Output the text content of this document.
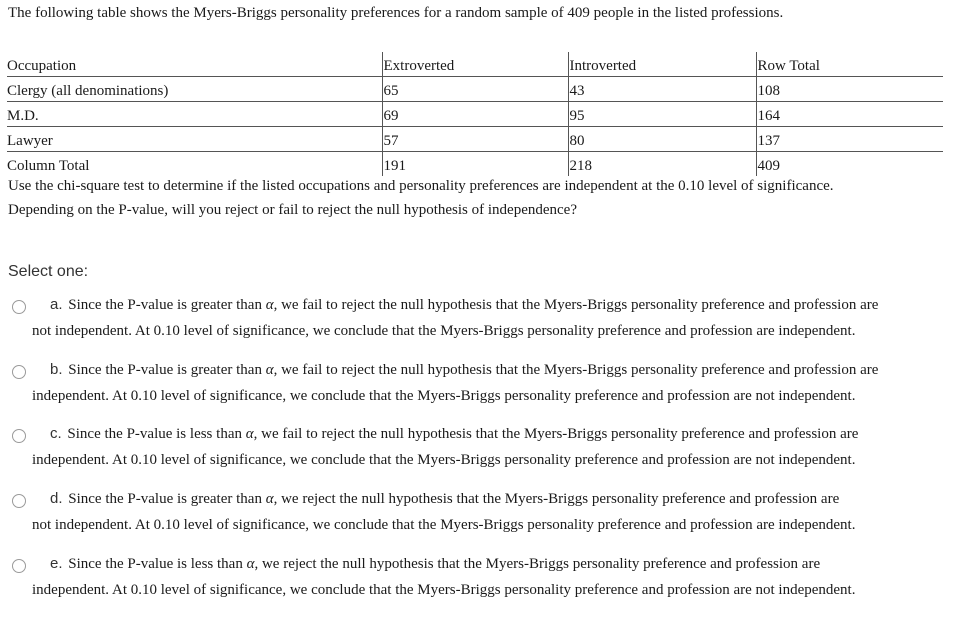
The following table shows the Myers-Briggs personality preferences for a random sample of 409 people in the listed professions.
Occupation	Extroverted	Introverted	Row Total
Clergy (all denominations)	65	43	108
M.D.	69	95	164
Lawyer	57	80	137
Column Total	191	218	409
Use the chi-square test to determine if the listed occupations and personality preferences are independent at the 0.10 level of significance.
Depending on the P-value, will you reject or fail to reject the null hypothesis of independence?
Select one:
a. Since the P-value is greater than α, we fail to reject the null hypothesis that the Myers-Briggs personality preference and profession are
not independent. At 0.10 level of significance, we conclude that the Myers-Briggs personality preference and profession are independent.
b. Since the P-value is greater than α, we fail to reject the null hypothesis that the Myers-Briggs personality preference and profession are
independent. At 0.10 level of significance, we conclude that the Myers-Briggs personality preference and profession are not independent.
c. Since the P-value is less than α, we fail to reject the null hypothesis that the Myers-Briggs personality preference and profession are
independent. At 0.10 level of significance, we conclude that the Myers-Briggs personality preference and profession are not independent.
d. Since the P-value is greater than α, we reject the null hypothesis that the Myers-Briggs personality preference and profession are
not independent. At 0.10 level of significance, we conclude that the Myers-Briggs personality preference and profession are independent.
e. Since the P-value is less than α, we reject the null hypothesis that the Myers-Briggs personality preference and profession are
independent. At 0.10 level of significance, we conclude that the Myers-Briggs personality preference and profession are not independent.
